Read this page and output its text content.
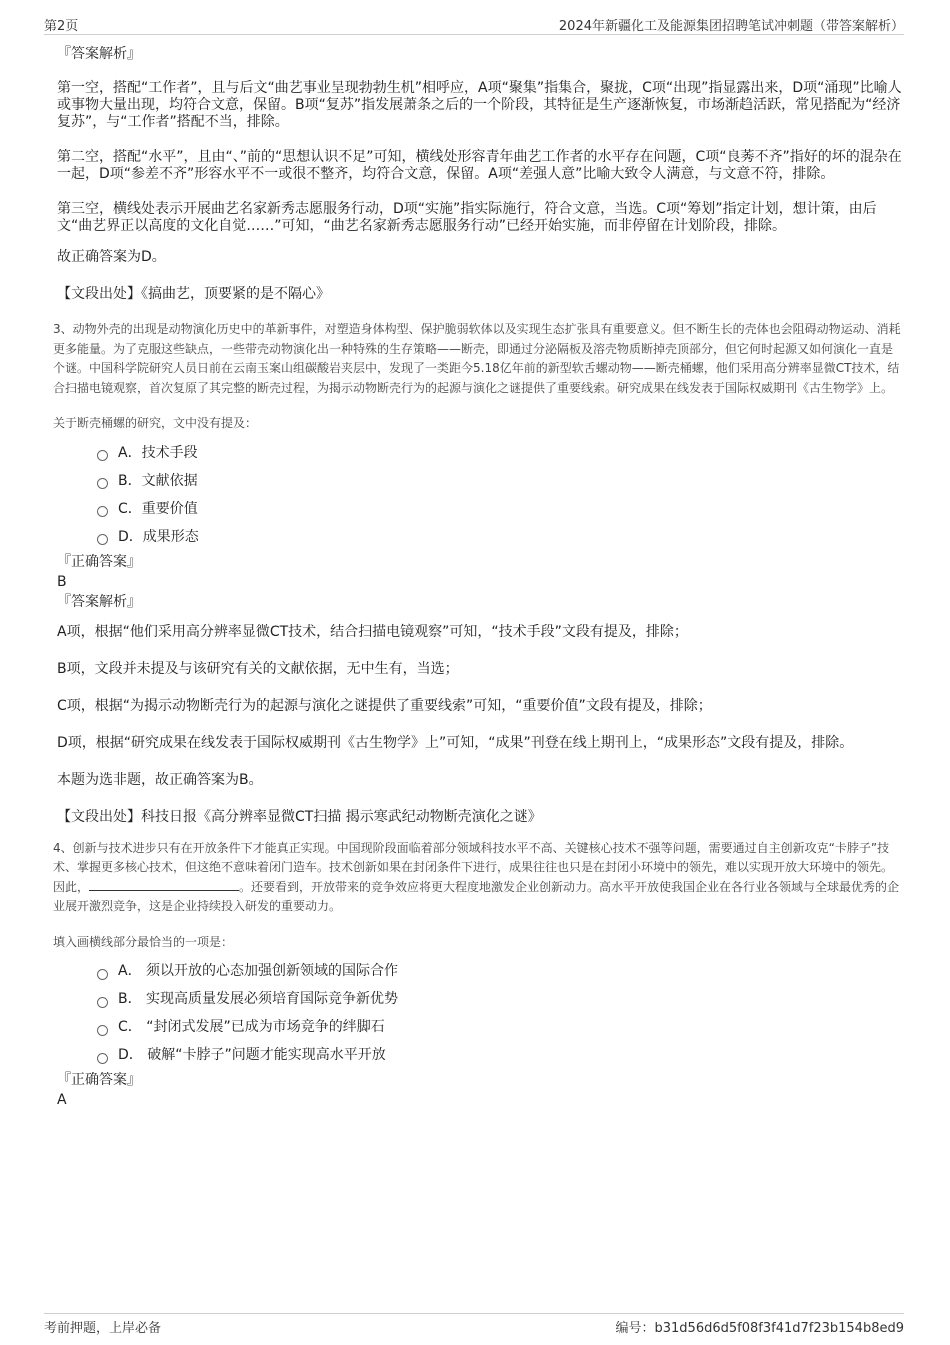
第2页	2024年新疆化工及能源集团招聘笔试冲刺题（带答案解析）
『答案解析』

第一空，搭配“工作者”，且与后文“曲艺事业呈现勃勃生机”相呼应，A项“聚集”指集合，聚拢，C项“出现”指显露出来，D项“涌现”比喻人或事物大量出现，均符合文意，保留。B项“复苏”指发展萧条之后的一个阶段，其特征是生产逐渐恢复，市场渐趋活跃，常见搭配为“经济复苏”，与“工作者”搭配不当，排除。

第二空，搭配“水平”，且由“、”前的“思想认识不足”可知，横线处形容青年曲艺工作者的水平存在问题，C项“良莠不齐”指好的坏的混杂在一起，D项“参差不齐”形容水平不一或很不整齐，均符合文意，保留。A项“差强人意”比喻大致令人满意，与文意不符，排除。

第三空，横线处表示开展曲艺名家新秀志愿服务行动，D项“实施”指实际施行，符合文意，当选。C项“筹划”指定计划，想计策，由后文“曲艺界正以高度的文化自觉……”可知，“曲艺名家新秀志愿服务行动”已经开始实施，而非停留在计划阶段，排除。

故正确答案为D。

【文段出处】《搞曲艺，顶要紧的是不隔心》

3、动物外壳的出现是动物演化历史中的革新事件，对塑造身体构型、保护脆弱软体以及实现生态扩张具有重要意义。但不断生长的壳体也会阻碍动物运动、消耗更多能量。为了克服这些缺点，一些带壳动物演化出一种特殊的生存策略——断壳，即通过分泌隔板及溶壳物质断掉壳顶部分，但它何时起源又如何演化一直是个谜。中国科学院研究人员日前在云南玉案山组碳酸岩夹层中，发现了一类距今5.18亿年前的新型软舌螺动物——断壳桶螺，他们采用高分辨率显微CT技术，结合扫描电镜观察，首次复原了其完整的断壳过程，为揭示动物断壳行为的起源与演化之谜提供了重要线索。研究成果在线发表于国际权威期刊《古生物学》上。

关于断壳桶螺的研究，文中没有提及：

A．技术手段
B．文献依据
C．重要价值
D．成果形态
『正确答案』
B
『答案解析』

A项，根据“他们采用高分辨率显微CT技术，结合扫描电镜观察”可知，“技术手段”文段有提及，排除；

B项，文段并未提及与该研究有关的文献依据，无中生有，当选；

C项，根据“为揭示动物断壳行为的起源与演化之谜提供了重要线索”可知，“重要价值”文段有提及，排除；

D项，根据“研究成果在线发表于国际权威期刊《古生物学》上”可知，“成果”刊登在线上期刊上，“成果形态”文段有提及，排除。

本题为选非题，故正确答案为B。

【文段出处】科技日报《高分辨率显微CT扫描 揭示寒武纪动物断壳演化之谜》

4、创新与技术进步只有在开放条件下才能真正实现。中国现阶段面临着部分领域科技水平不高、关键核心技术不强等问题，需要通过自主创新攻克“卡脖子”技术、掌握更多核心技术，但这绝不意味着闭门造车。技术创新如果在封闭条件下进行，成果往往也只是在封闭小环境中的领先，难以实现开放大环境中的领先。因此，	。还要看到，开放带来的竞争效应将更大程度地激发企业创新动力。高水平开放使我国企业在各行业各领域与全球最优秀的企业展开激烈竞争，这是企业持续投入研发的重要动力。

填入画横线部分最恰当的一项是：

A． 须以开放的心态加强创新领域的国际合作
B． 实现高质量发展必须培育国际竞争新优势
C． “封闭式发展”已成为市场竞争的绊脚石
D． 破解“卡脖子”问题才能实现高水平开放
『正确答案』
A
考前押题，上岸必备	编号：b31d56d6d5f08f3f41d7f23b154b8ed9
